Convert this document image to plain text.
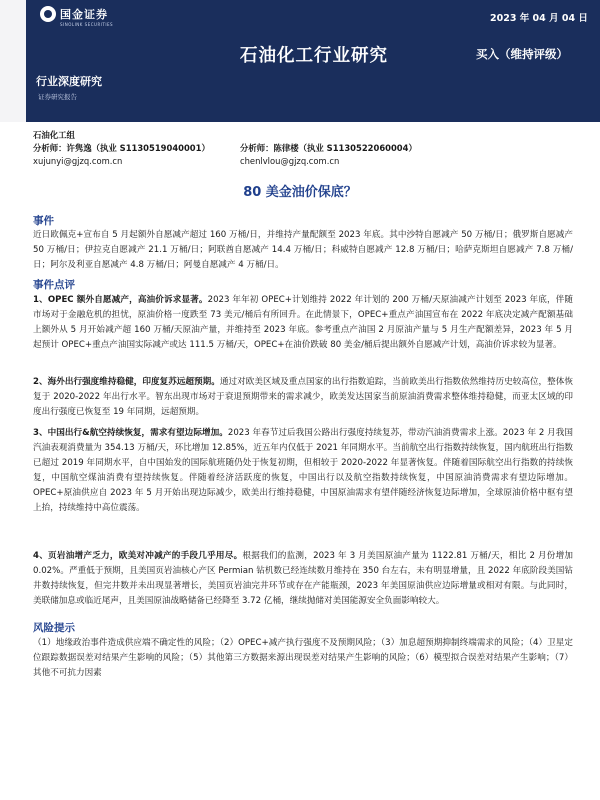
国金证券
SINOLINK SECURITIES
2023 年 04 月 04 日
石油化工行业研究	买入（维持评级）
行业深度研究
证券研究报告
石油化工组
分析师：许隽逸（执业 S1130519040001）	分析师：陈律楼（执业 S1130522060004）
xujunyi@gjzq.com.cn	chenlvlou@gjzq.com.cn
80 美金油价保底？
事件
近日欧佩克+宣布自 5 月起额外自愿减产超过 160 万桶/日，并维持产量配额至 2023 年底。其中沙特自愿减产 50 万桶/日；俄罗斯自愿减产 50 万桶/日；伊拉克自愿减产 21.1 万桶/日；阿联酋自愿减产 14.4 万桶/日；科威特自愿减产 12.8 万桶/日；哈萨克斯坦自愿减产 7.8 万桶/日；阿尔及利亚自愿减产 4.8 万桶/日；阿曼自愿减产 4 万桶/日。
事件点评
1、OPEC 额外自愿减产，高油价诉求显著。2023 年年初 OPEC+计划维持 2022 年计划的 200 万桶/天原油减产计划至 2023 年底，伴随市场对于金融危机的担忧，原油价格一度跌至 73 美元/桶后有所回升。在此情景下，OPEC+重点产油国宣布在 2022 年底决定减产配额基础上额外从 5 月开始减产超 160 万桶/天原油产量，并维持至 2023 年底。参考重点产油国 2 月原油产量与 5 月生产配额差异，2023 年 5 月起预计 OPEC+重点产油国实际减产或达 111.5 万桶/天，OPEC+在油价跌破 80 美金/桶后提出额外自愿减产计划，高油价诉求较为显著。
2、海外出行强度维持稳健，印度复苏远超预期。通过对欧美区域及重点国家的出行指数追踪，当前欧美出行指数依然维持历史较高位，整体恢复于 2020-2022 年出行水平。智东出现市场对于衰退预期带来的需求减少，欧美发达国家当前原油消费需求整体维持稳健，而亚太区域的印度出行强度已恢复至 19 年同期，远超预期。
3、中国出行&航空持续恢复，需求有望边际增加。2023 年春节过后我国公路出行强度持续复苏，带动汽油消费需求上涨。2023 年 2 月我国汽油表观消费量为 354.13 万桶/天，环比增加 12.85%，近五年内仅低于 2021 年同期水平。当前航空出行指数持续恢复，国内航班出行指数已超过 2019 年同期水平，自中国始发的国际航班随仍处于恢复初期，但相较于 2020-2022 年显著恢复。伴随着国际航空出行指数的持续恢复，中国航空煤油消费有望持续恢复。伴随着经济活跃度的恢复，中国出行以及航空指数持续恢复，中国原油消费需求有望边际增加。OPEC+原油供应自 2023 年 5 月开始出现边际减少，欧美出行维持稳健，中国原油需求有望伴随经济恢复边际增加，全球原油价格中枢有望上抬，持续维持中高位震荡。
4、页岩油增产乏力，欧美对冲减产的手段几乎用尽。根据我们的监测，2023 年 3 月美国原油产量为 1122.81 万桶/天，相比 2 月份增加 0.02%。严重低于预期，且美国页岩油核心产区 Permian 钻机数已经连续数月维持在 350 台左右，未有明显增量，且 2022 年底阶段美国钻井数持续恢复，但完井数并未出现显著增长，美国页岩油完井环节或存在产能瓶颈，2023 年美国原油供应边际增量或相对有限。与此同时，美联储加息或临近尾声，且美国原油战略储备已经降至 3.72 亿桶，继续抛储对美国能源安全负面影响较大。
风险提示
（1）地缘政治事件造成供应端不确定性的风险；（2）OPEC+减产执行强度不及预期风险；（3）加息超预期抑制终端需求的风险；（4）卫星定位跟踪数据误差对结果产生影响的风险；（5）其他第三方数据来源出现误差对结果产生影响的风险；（6）模型拟合误差对结果产生影响；（7）其他不可抗力因素
